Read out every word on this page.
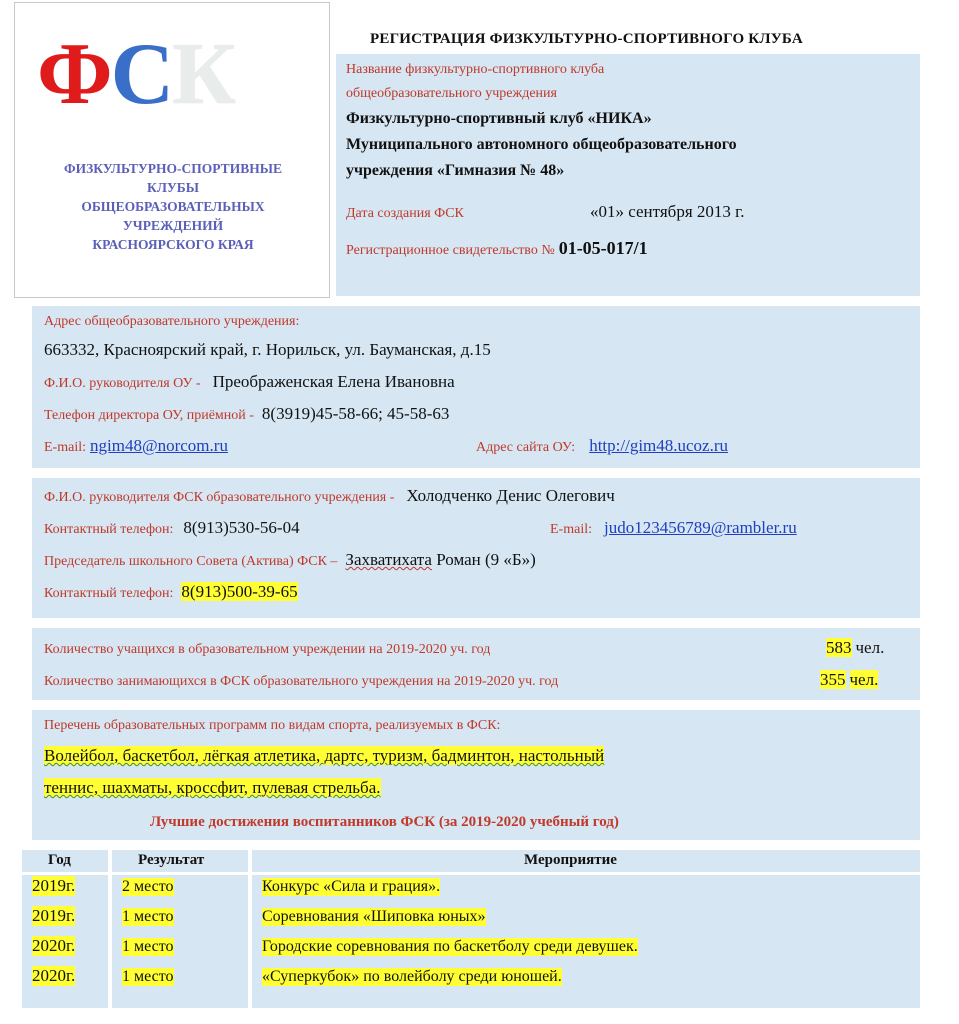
ФСК
ФИЗКУЛЬТУРНО-СПОРТИВНЫЕ
КЛУБЫ
ОБЩЕОБРАЗОВАТЕЛЬНЫХ
УЧРЕЖДЕНИЙ
КРАСНОЯРСКОГО КРАЯ
РЕГИСТРАЦИЯ ФИЗКУЛЬТУРНО-СПОРТИВНОГО КЛУБА
Название физкультурно-спортивного клуба
общеобразовательного учреждения
Физкультурно-спортивный клуб «НИКА»
Муниципального автономного общеобразовательного
учреждения «Гимназия № 48»
Дата создания ФСК	«01» сентября 2013 г.
Регистрационное свидетельство № 01-05-017/1
Адрес общеобразовательного учреждения:
663332, Красноярский край, г. Норильск, ул. Бауманская, д.15
Ф.И.О. руководителя ОУ - Преображенская Елена Ивановна
Телефон директора ОУ, приёмной - 8(3919)45-58-66; 45-58-63
E-mail: ngim48@norcom.ru	Адрес сайта ОУ: http://gim48.ucoz.ru
Ф.И.О. руководителя ФСК образовательного учреждения - Холодченко Денис Олегович
Контактный телефон: 8(913)530-56-04	E-mail: judo123456789@rambler.ru
Председатель школьного Совета (Актива) ФСК – Захватихата Роман (9 «Б»)
Контактный телефон: 8(913)500-39-65
Количество учащихся в образовательном учреждении на 2019-2020 уч. год	583 чел.
Количество занимающихся в ФСК образовательного учреждения на 2019-2020 уч. год	355 чел.
Перечень образовательных программ по видам спорта, реализуемых в ФСК:
Волейбол, баскетбол, лёгкая атлетика, дартс, туризм, бадминтон, настольный
теннис, шахматы, кроссфит, пулевая стрельба.
Лучшие достижения воспитанников ФСК (за 2019-2020 учебный год)
Год	Результат	Мероприятие
2019г.	2 место	Конкурс «Сила и грация».
2019г.	1 место	Соревнования «Шиповка юных»
2020г.	1 место	Городские соревнования по баскетболу среди девушек.
2020г.	1 место	«Суперкубок» по волейболу среди юношей.
